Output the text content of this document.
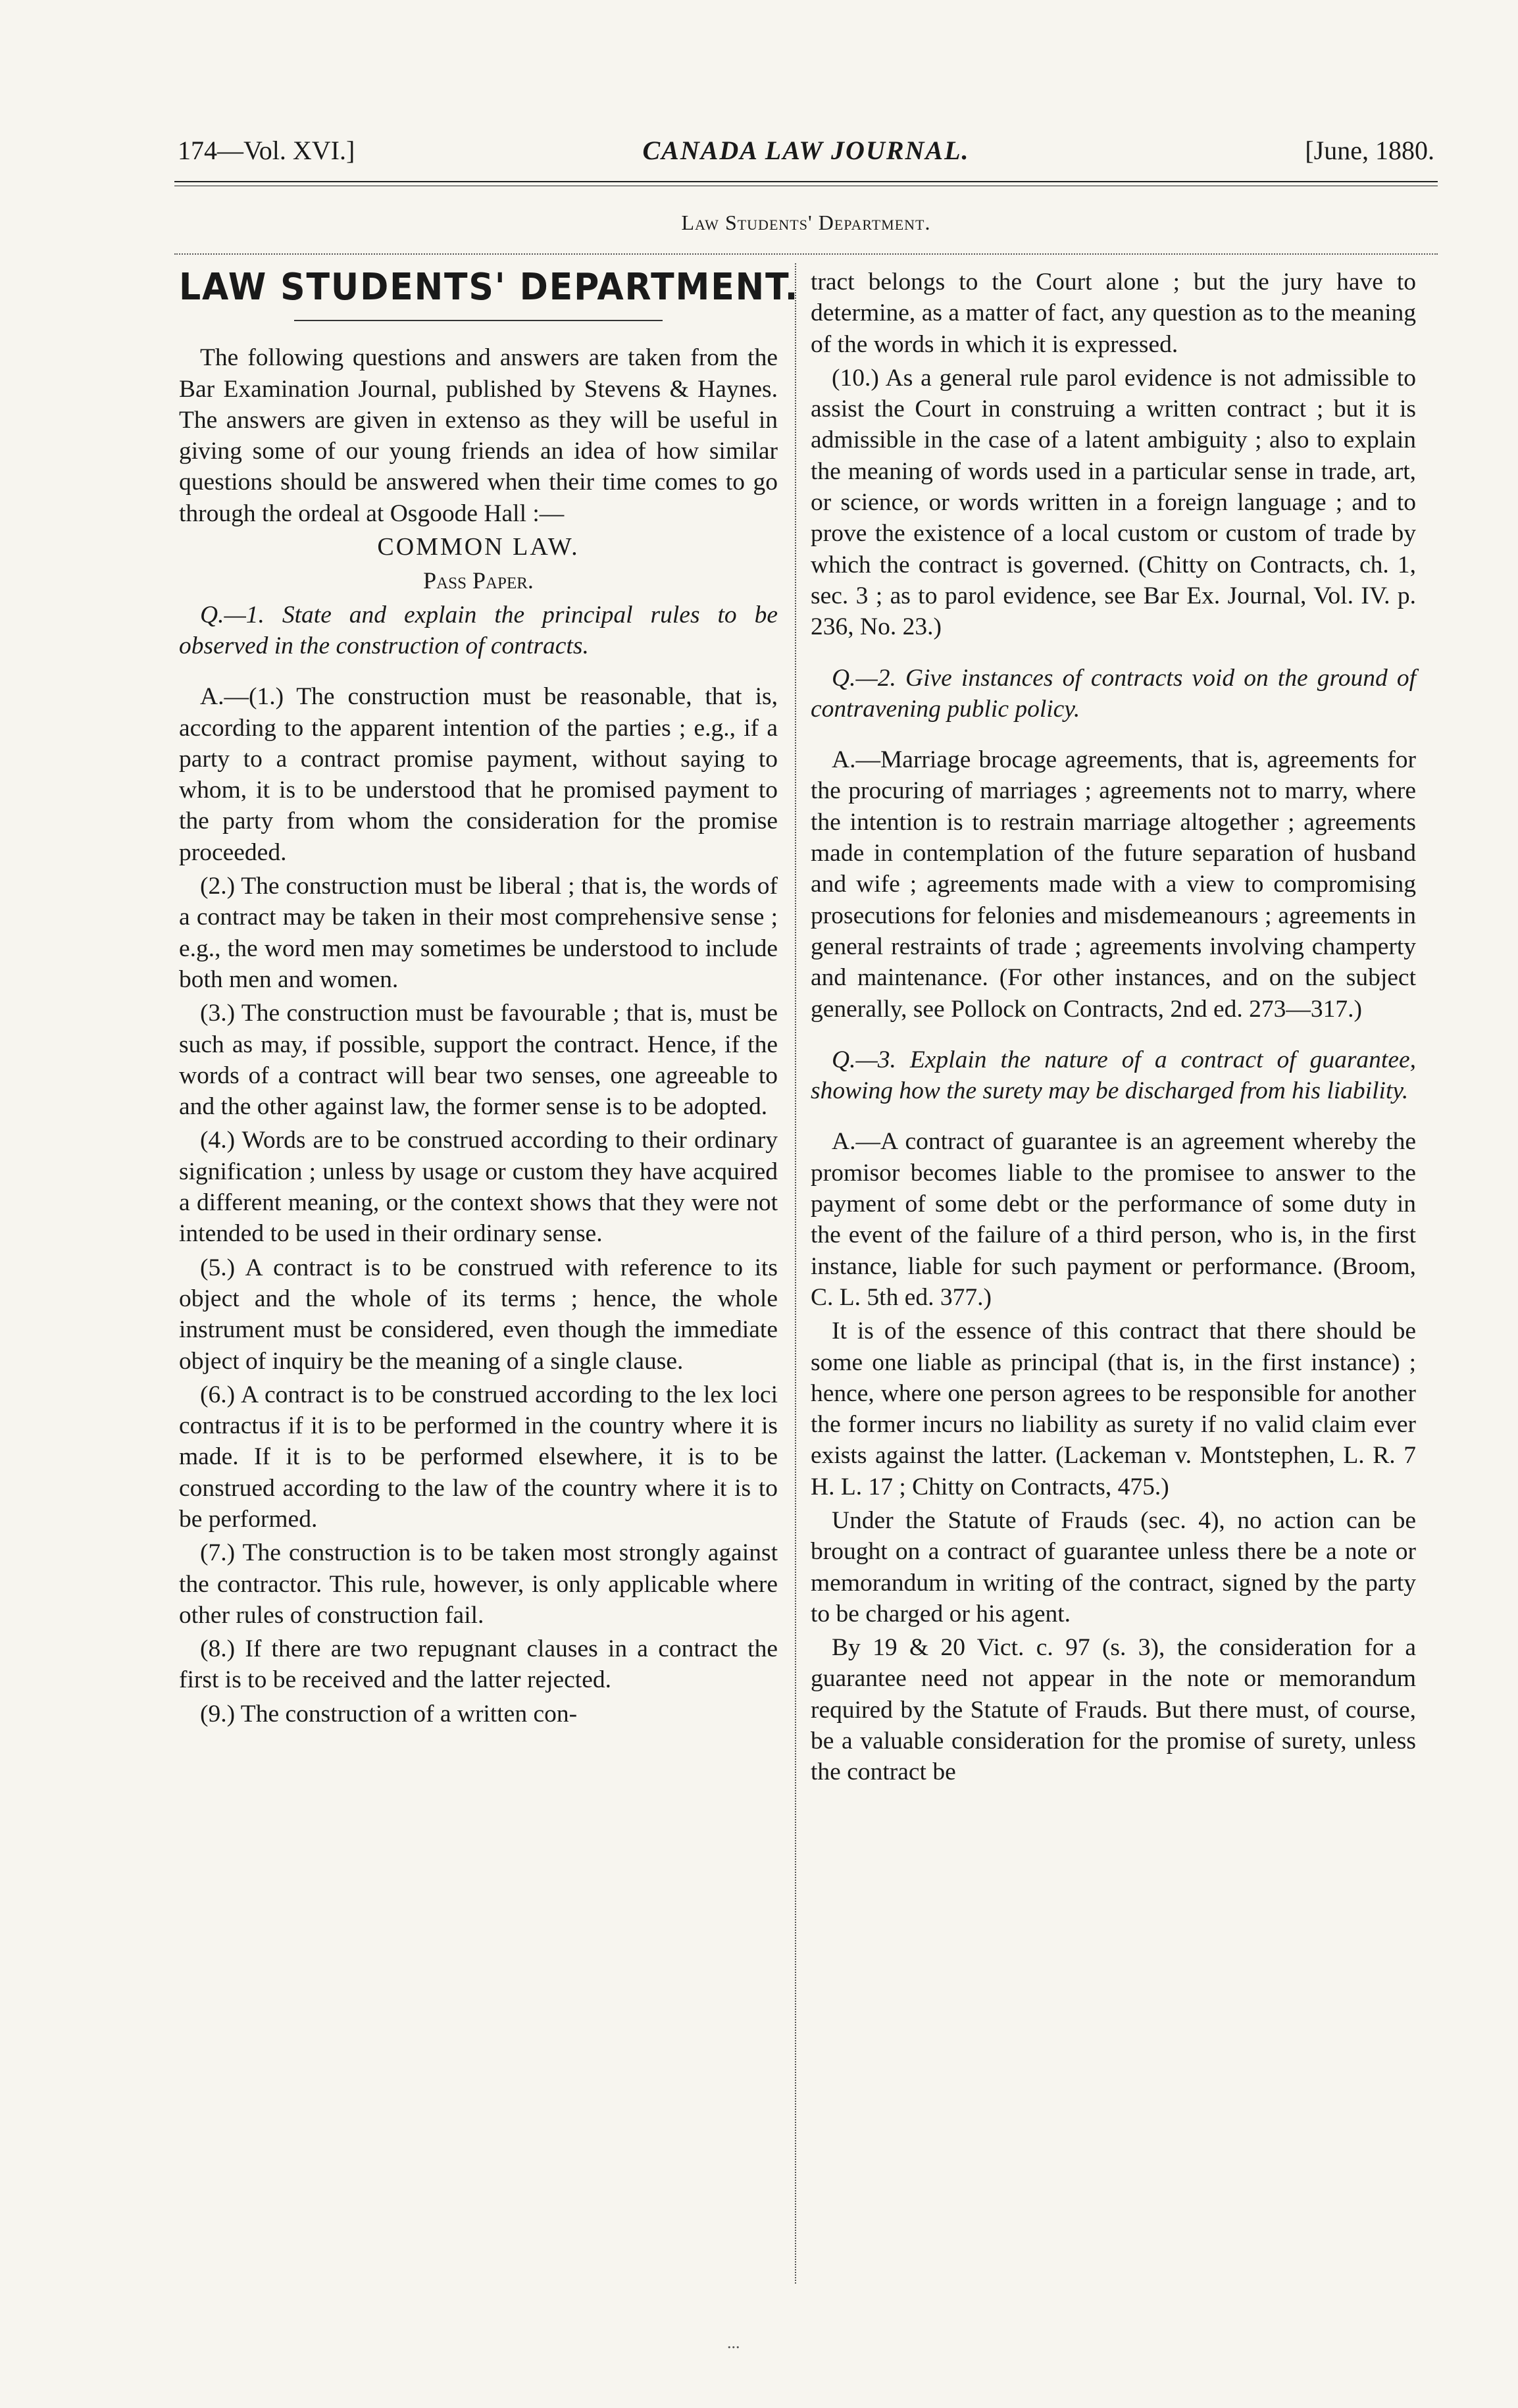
174—Vol. XVI.]	CANADA LAW JOURNAL.	[June, 1880.
Law Students' Department.
LAW STUDENTS' DEPARTMENT.

The following questions and answers are taken from the Bar Examination Journal, published by Stevens & Haynes. The answers are given in extenso as they will be useful in giving some of our young friends an idea of how similar questions should be answered when their time comes to go through the ordeal at Osgoode Hall :—

COMMON LAW.

Pass Paper.

Q.—1. State and explain the principal rules to be observed in the construction of contracts.

A.—(1.) The construction must be reasonable, that is, according to the apparent intention of the parties ; e.g., if a party to a contract promise payment, without saying to whom, it is to be understood that he promised payment to the party from whom the consideration for the promise proceeded.

(2.) The construction must be liberal ; that is, the words of a contract may be taken in their most comprehensive sense ; e.g., the word men may sometimes be understood to include both men and women.

(3.) The construction must be favourable ; that is, must be such as may, if possible, support the contract. Hence, if the words of a contract will bear two senses, one agreeable to and the other against law, the former sense is to be adopted.

(4.) Words are to be construed according to their ordinary signification ; unless by usage or custom they have acquired a different meaning, or the context shows that they were not intended to be used in their ordinary sense.

(5.) A contract is to be construed with reference to its object and the whole of its terms ; hence, the whole instrument must be considered, even though the immediate object of inquiry be the meaning of a single clause.

(6.) A contract is to be construed according to the lex loci contractus if it is to be performed in the country where it is made. If it is to be performed elsewhere, it is to be construed according to the law of the country where it is to be performed.

(7.) The construction is to be taken most strongly against the contractor. This rule, however, is only applicable where other rules of construction fail.

(8.) If there are two repugnant clauses in a contract the first is to be received and the latter rejected.

(9.) The construction of a written con-

tract belongs to the Court alone ; but the jury have to determine, as a matter of fact, any question as to the meaning of the words in which it is expressed.

(10.) As a general rule parol evidence is not admissible to assist the Court in construing a written contract ; but it is admissible in the case of a latent ambiguity ; also to explain the meaning of words used in a particular sense in trade, art, or science, or words written in a foreign language ; and to prove the existence of a local custom or custom of trade by which the contract is governed. (Chitty on Contracts, ch. 1, sec. 3 ; as to parol evidence, see Bar Ex. Journal, Vol. IV. p. 236, No. 23.)

Q.—2. Give instances of contracts void on the ground of contravening public policy.

A.—Marriage brocage agreements, that is, agreements for the procuring of marriages ; agreements not to marry, where the intention is to restrain marriage altogether ; agreements made in contemplation of the future separation of husband and wife ; agreements made with a view to compromising prosecutions for felonies and misdemeanours ; agreements in general restraints of trade ; agreements involving champerty and maintenance. (For other instances, and on the subject generally, see Pollock on Contracts, 2nd ed. 273—317.)

Q.—3. Explain the nature of a contract of guarantee, showing how the surety may be discharged from his liability.

A.—A contract of guarantee is an agreement whereby the promisor becomes liable to the promisee to answer to the payment of some debt or the performance of some duty in the event of the failure of a third person, who is, in the first instance, liable for such payment or performance. (Broom, C. L. 5th ed. 377.)

It is of the essence of this contract that there should be some one liable as principal (that is, in the first instance) ; hence, where one person agrees to be responsible for another the former incurs no liability as surety if no valid claim ever exists against the latter. (Lackeman v. Montstephen, L. R. 7 H. L. 17 ; Chitty on Contracts, 475.)

Under the Statute of Frauds (sec. 4), no action can be brought on a contract of guarantee unless there be a note or memorandum in writing of the contract, signed by the party to be charged or his agent.

By 19 & 20 Vict. c. 97 (s. 3), the consideration for a guarantee need not appear in the note or memorandum required by the Statute of Frauds. But there must, of course, be a valuable consideration for the promise of surety, unless the contract be

...
